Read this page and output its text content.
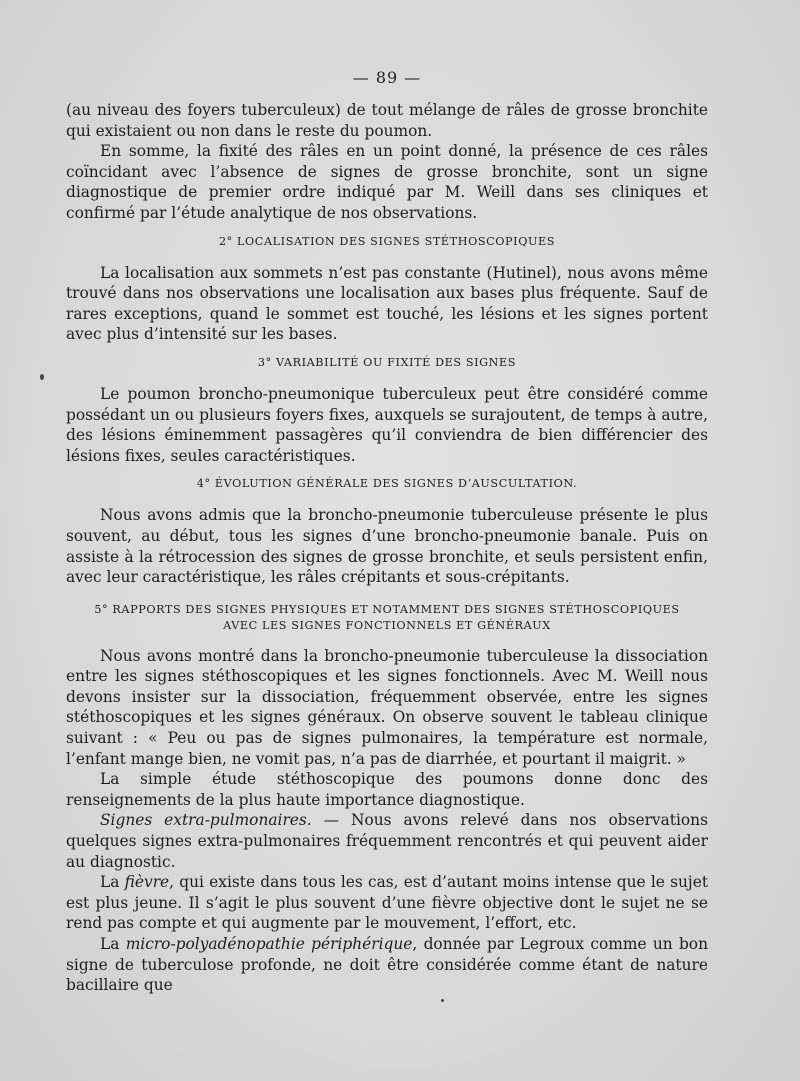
— 89 —

(au niveau des foyers tuberculeux) de tout mélange de râles de grosse bronchite qui existaient ou non dans le reste du poumon.

En somme, la fixité des râles en un point donné, la présence de ces râles coïncidant avec l’absence de signes de grosse bronchite, sont un signe diagnostique de premier ordre indiqué par M. Weill dans ses cliniques et confirmé par l’étude analytique de nos observations.

2° LOCALISATION DES SIGNES STÉTHOSCOPIQUES

La localisation aux sommets n’est pas constante (Hutinel), nous avons même trouvé dans nos observations une localisation aux bases plus fréquente. Sauf de rares exceptions, quand le sommet est touché, les lésions et les signes portent avec plus d’intensité sur les bases.

3° VARIABILITÉ OU FIXITÉ DES SIGNES

Le poumon broncho-pneumonique tuberculeux peut être considéré comme possédant un ou plusieurs foyers fixes, auxquels se surajoutent, de temps à autre, des lésions éminemment passagères qu’il conviendra de bien différencier des lésions fixes, seules caractéristiques.

4° ÉVOLUTION GÉNÉRALE DES SIGNES D’AUSCULTATION.

Nous avons admis que la broncho-pneumonie tuberculeuse présente le plus souvent, au début, tous les signes d’une broncho-pneumonie banale. Puis on assiste à la rétrocession des signes de grosse bronchite, et seuls persistent enfin, avec leur caractéristique, les râles crépitants et sous-crépitants.

5° RAPPORTS DES SIGNES PHYSIQUES ET NOTAMMENT DES SIGNES STÉTHOSCOPIQUES
AVEC LES SIGNES FONCTIONNELS ET GÉNÉRAUX

Nous avons montré dans la broncho-pneumonie tuberculeuse la dissociation entre les signes stéthoscopiques et les signes fonctionnels. Avec M. Weill nous devons insister sur la dissociation, fréquemment observée, entre les signes stéthoscopiques et les signes généraux. On observe souvent le tableau clinique suivant : « Peu ou pas de signes pulmonaires, la température est normale, l’enfant mange bien, ne vomit pas, n’a pas de diarrhée, et pourtant il maigrit. »

La simple étude stéthoscopique des poumons donne donc des renseignements de la plus haute importance diagnostique.

Signes extra-pulmonaires. — Nous avons relevé dans nos observations quelques signes extra-pulmonaires fréquemment rencontrés et qui peuvent aider au diagnostic.

La fièvre, qui existe dans tous les cas, est d’autant moins intense que le sujet est plus jeune. Il s’agit le plus souvent d’une fièvre objective dont le sujet ne se rend pas compte et qui augmente par le mouvement, l’effort, etc.

La micro-polyadénopathie périphérique, donnée par Legroux comme un bon signe de tuberculose profonde, ne doit être considérée comme étant de nature bacillaire que
